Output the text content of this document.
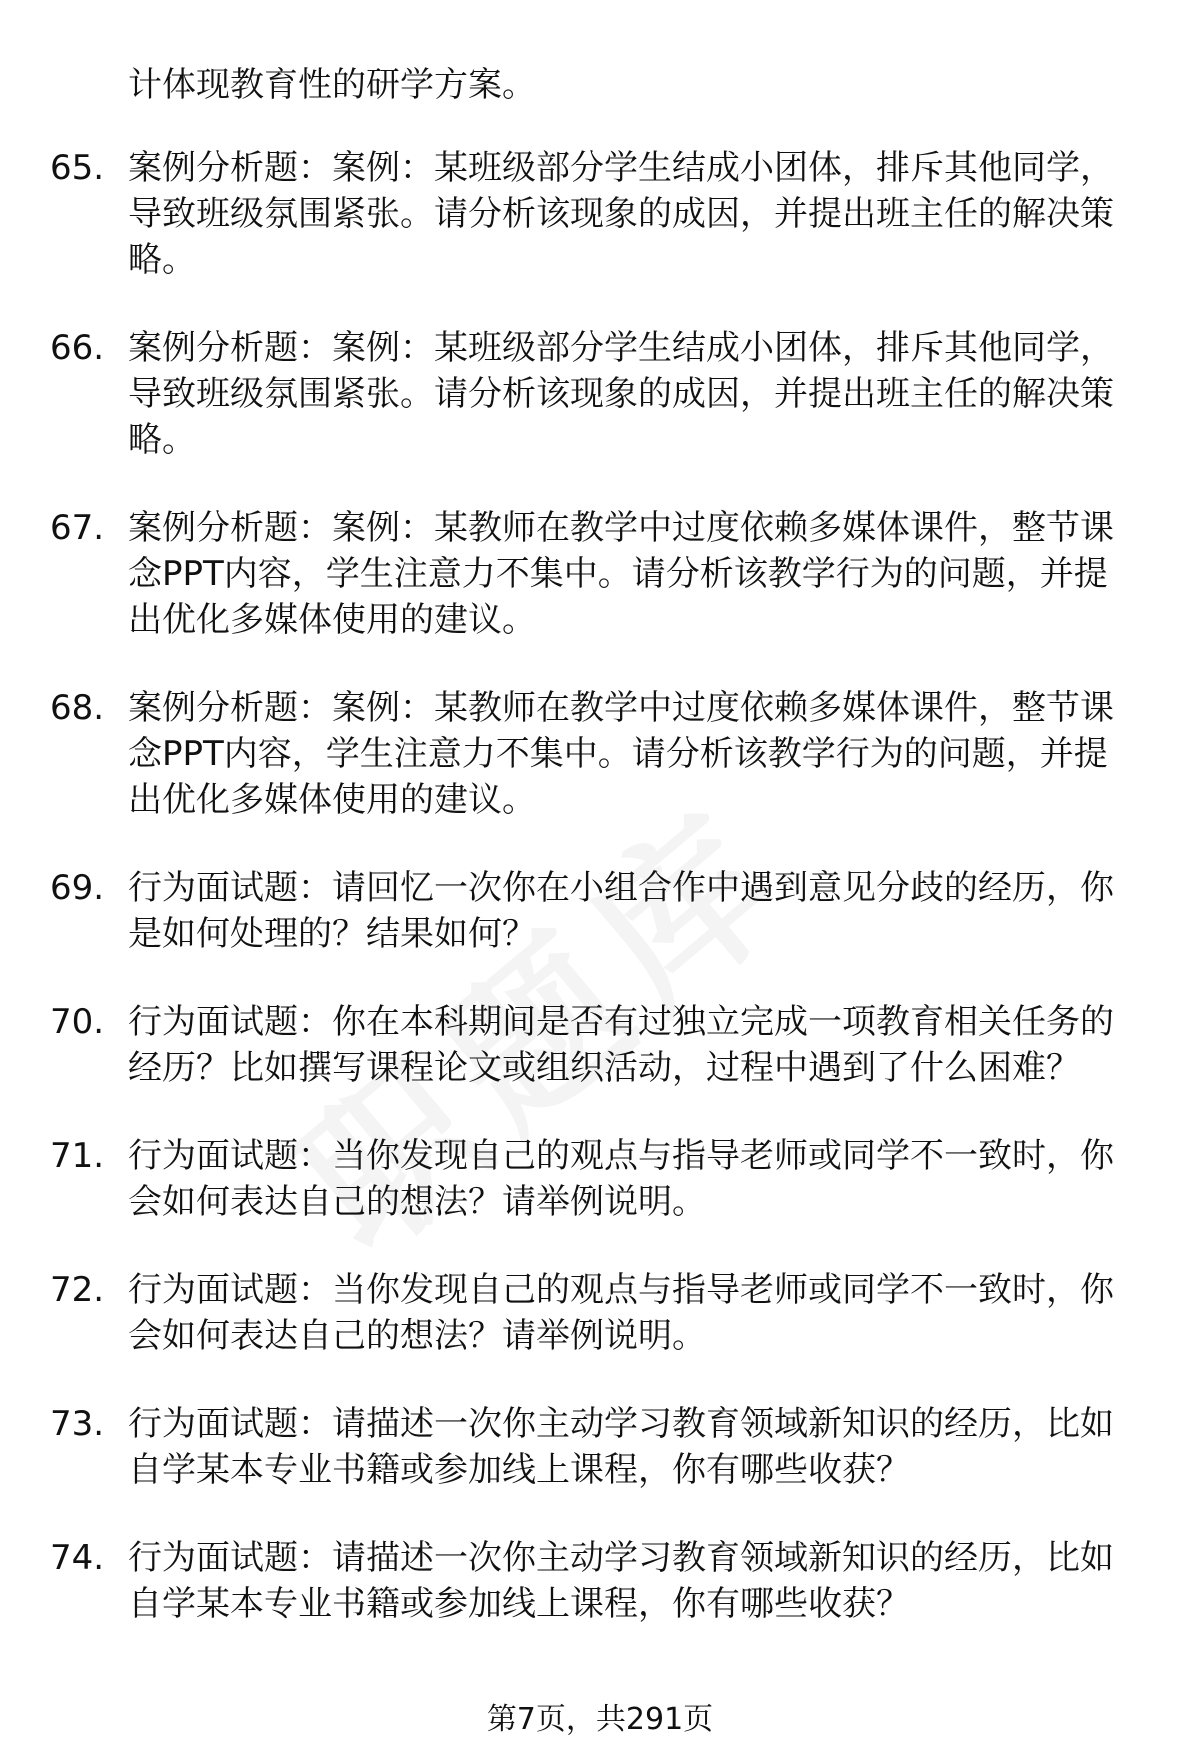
计体现教育性的研学方案。

65. 案例分析题：案例：某班级部分学生结成小团体，排斥其他同学，导致班级氛围紧张。请分析该现象的成因，并提出班主任的解决策略。
66. 案例分析题：案例：某班级部分学生结成小团体，排斥其他同学，导致班级氛围紧张。请分析该现象的成因，并提出班主任的解决策略。
67. 案例分析题：案例：某教师在教学中过度依赖多媒体课件，整节课念PPT内容，学生注意力不集中。请分析该教学行为的问题，并提出优化多媒体使用的建议。
68. 案例分析题：案例：某教师在教学中过度依赖多媒体课件，整节课念PPT内容，学生注意力不集中。请分析该教学行为的问题，并提出优化多媒体使用的建议。
69. 行为面试题：请回忆一次你在小组合作中遇到意见分歧的经历，你是如何处理的？结果如何？
70. 行为面试题：你在本科期间是否有过独立完成一项教育相关任务的经历？比如撰写课程论文或组织活动，过程中遇到了什么困难？
71. 行为面试题：当你发现自己的观点与指导老师或同学不一致时，你会如何表达自己的想法？请举例说明。
72. 行为面试题：当你发现自己的观点与指导老师或同学不一致时，你会如何表达自己的想法？请举例说明。
73. 行为面试题：请描述一次你主动学习教育领域新知识的经历，比如自学某本专业书籍或参加线上课程，你有哪些收获？
74. 行为面试题：请描述一次你主动学习教育领域新知识的经历，比如自学某本专业书籍或参加线上课程，你有哪些收获？
第7页，共291页
